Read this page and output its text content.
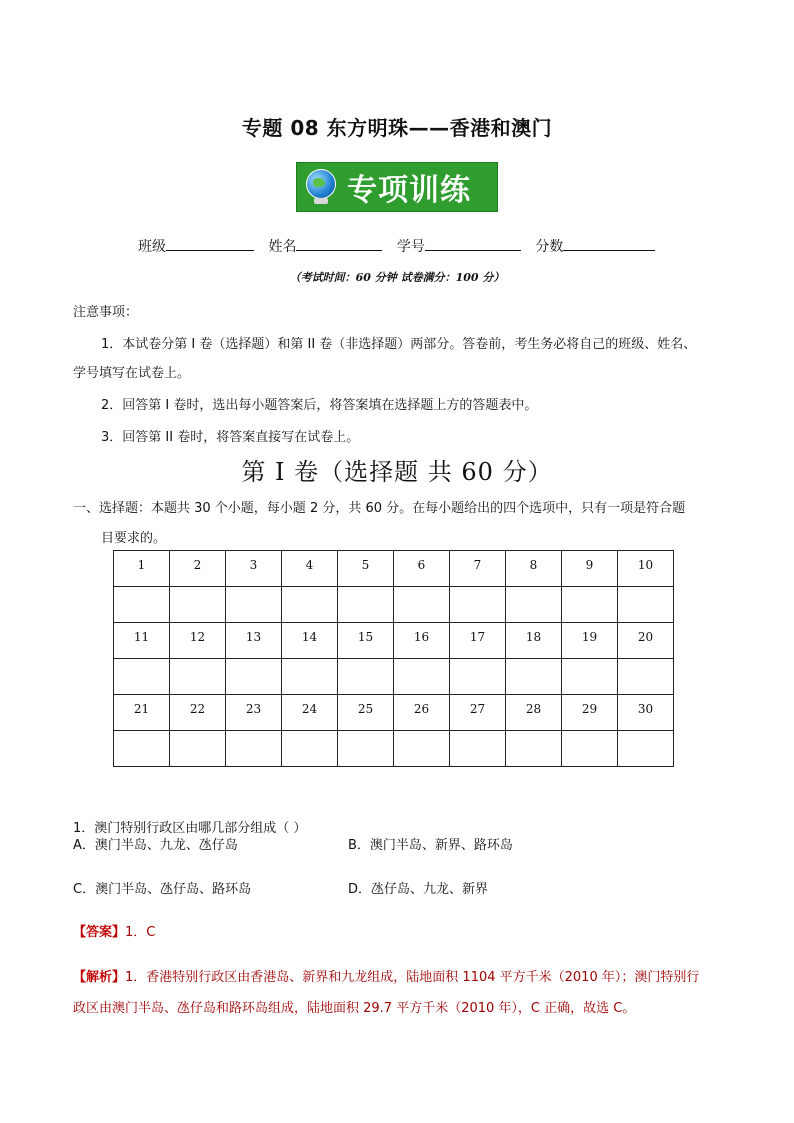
专题 08 东方明珠——香港和澳门
专项训练
班级	姓名	学号	分数
（考试时间：60 分钟 试卷满分：100 分）
注意事项：
1．本试卷分第 I 卷（选择题）和第 II 卷（非选择题）两部分。答卷前，考生务必将自己的班级、姓名、
学号填写在试卷上。
2．回答第 I 卷时，选出每小题答案后，将答案填在选择题上方的答题表中。
3．回答第 II 卷时，将答案直接写在试卷上。
第 I 卷（选择题 共 60 分）
一、选择题：本题共 30 个小题，每小题 2 分，共 60 分。在每小题给出的四个选项中，只有一项是符合题
目要求的。
1	2	3	4	5	6	7	8	9	10

11	12	13	14	15	16	17	18	19	20

21	22	23	24	25	26	27	28	29	30

1．澳门特别行政区由哪几部分组成（ ）
A．澳门半岛、九龙、氹仔岛	B．澳门半岛、新界、路环岛
C．澳门半岛、氹仔岛、路环岛	D．氹仔岛、九龙、新界
【答案】1．C
【解析】1．香港特别行政区由香港岛、新界和九龙组成，陆地面积 1104 平方千米（2010 年）；澳门特别行
政区由澳门半岛、氹仔岛和路环岛组成，陆地面积 29.7 平方千米（2010 年），C 正确，故选 C。
